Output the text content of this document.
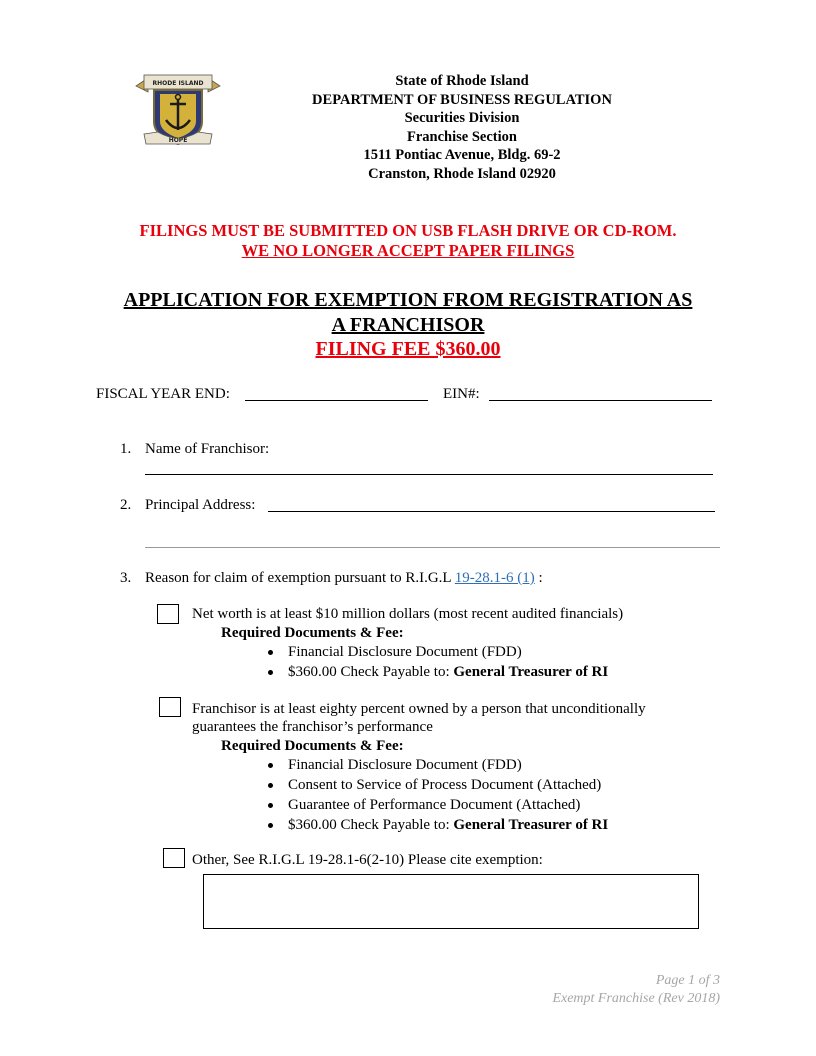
RHODE ISLAND
HOPE
State of Rhode Island
DEPARTMENT OF BUSINESS REGULATION
Securities Division
Franchise Section
1511 Pontiac Avenue, Bldg. 69-2
Cranston, Rhode Island 02920
FILINGS MUST BE SUBMITTED ON USB FLASH DRIVE OR CD-ROM.
WE NO LONGER ACCEPT PAPER FILINGS
APPLICATION FOR EXEMPTION FROM REGISTRATION AS
A FRANCHISOR
FILING FEE $360.00
FISCAL YEAR END:	EIN#:
1. Name of Franchisor:
2. Principal Address:
3. Reason for claim of exemption pursuant to R.I.G.L 19-28.1-6 (1) :
Net worth is at least $10 million dollars (most recent audited financials)
Required Documents & Fee:
Financial Disclosure Document (FDD)
$360.00 Check Payable to: General Treasurer of RI
Franchisor is at least eighty percent owned by a person that unconditionally
guarantees the franchisor’s performance
Required Documents & Fee:
Financial Disclosure Document (FDD)
Consent to Service of Process Document (Attached)
Guarantee of Performance Document (Attached)
$360.00 Check Payable to: General Treasurer of RI
Other, See R.I.G.L 19-28.1-6(2-10) Please cite exemption:
Page 1 of 3
Exempt Franchise (Rev 2018)
